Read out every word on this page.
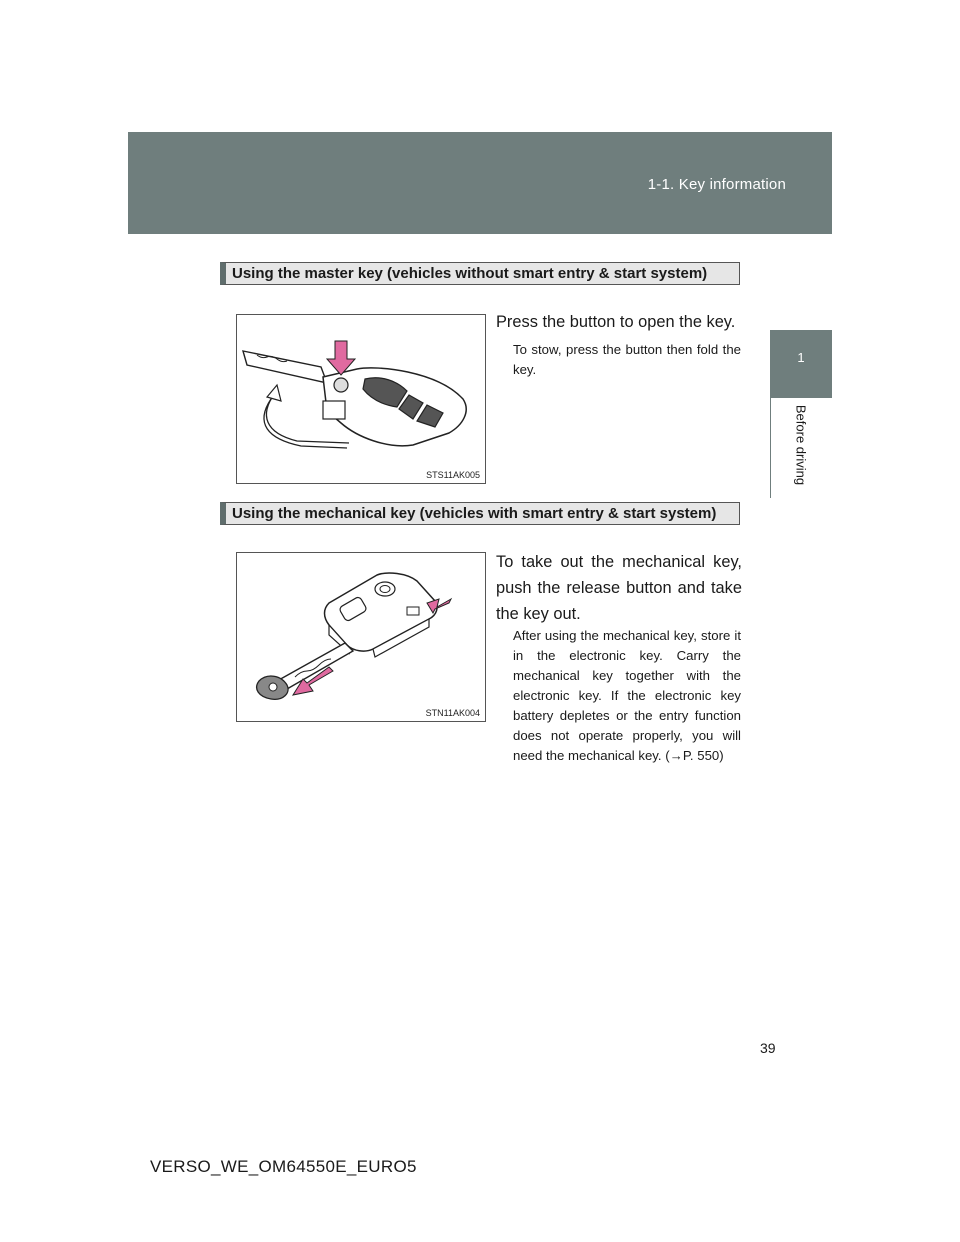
1-1. Key information
1
Before driving
Using the master key (vehicles without smart entry & start system)
STS11AK005
Press the button to open the key.
To stow, press the button then fold the key.
Using the mechanical key (vehicles with smart entry & start system)
STN11AK004
To take out the mechanical key, push the release button and take the key out.
After using the mechanical key, store it in the electronic key. Carry the mechanical key together with the electronic key. If the electronic key battery depletes or the entry function does not operate properly, you will need the mechanical key. (→P. 550)
39
VERSO_WE_OM64550E_EURO5
